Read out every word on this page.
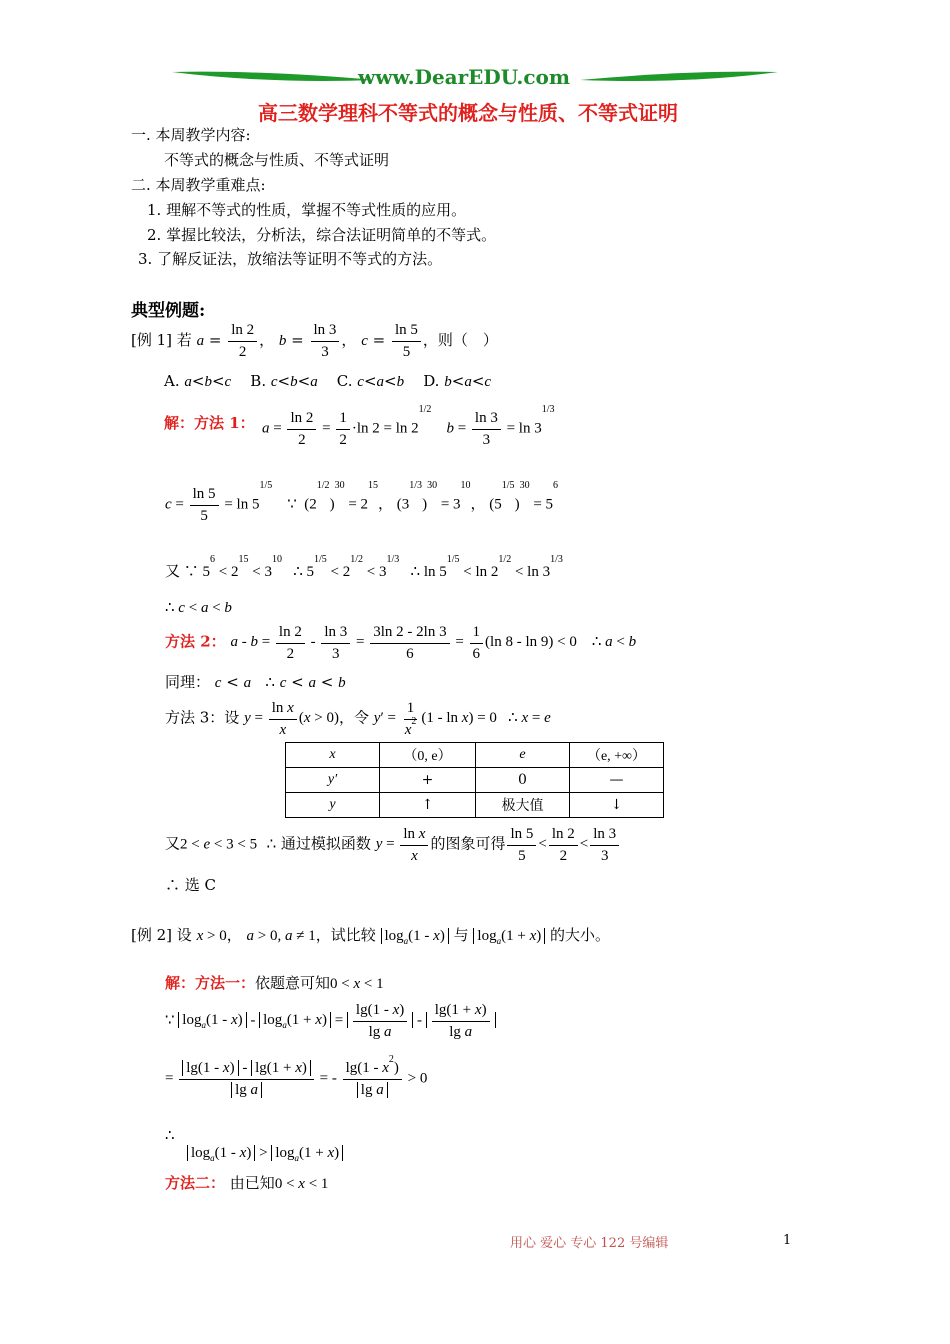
www.DearEDU.com
高三数学理科不等式的概念与性质、不等式证明
一. 本周教学内容:
不等式的概念与性质、不等式证明
二. 本周教学重难点:
1. 理解不等式的性质，掌握不等式性质的应用。
2. 掌握比较法，分析法，综合法证明简单的不等式。
3. 了解反证法，放缩法等证明不等式的方法。
典型例题:
[例 1] 若 $a = \frac{\ln 2}{2}$ ， $b = \frac{\ln 3}{3}$ ， $c = \frac{\ln 5}{5}$ ，则（　）
A. a<b<c B. c<b<a C. c<a<b D. b<a<c
解：方法 1： $a = \frac{\ln 2}{2} = \frac{1}{2} \cdot\ln$ $2 = \ln 2^{1/2}$    $b = \frac{\ln 3}{3} = \ln 3^{1/3}$
$c = \frac{\ln 5}{5} = \ln 5^{1/5}$    ∵  $(2^{1/2})^{30} = 2^{15}$， $(3^{1/3})^{30} = 3^{10}$， $(5^{1/5})^{30} = 5^6$
又 ∵ $5^6 < 2^{15} < 3^{10}$   ∴ $5^{1/5} < 2^{1/2} < 3^{1/3}$   ∴ $\ln 5^{1/5} < \ln 2^{1/2} < \ln 3^{1/3}$
∴ c < a < b
方法 2： $a - b = \frac{\ln 2}{2} - \frac{\ln 3}{3} = \frac{3\ln 2 - 2\ln 3}{6} = \frac{1}{6} (\ln$ 8 - ln 9) < 0    ∴ a < b
同理： c < a ∴ c < a < b
方法 3：设 $y = \frac{\text{ln x}}{x} (x > 0)$，令 $y' = \frac{1}{x^2} (1 - \ln x) = 0$   ∴ x = e
x	（0, e）	e	（e, +∞）
y′	+	0	—
y	↑	极大值	↓
又2 < e < 3 < 5 ∴ 通过模拟函数 $y = \frac{\text{ln x}}{x}$ 的图象可得 $\frac{\ln 5}{5} < \frac{\ln 2}{2} < \frac{\ln 3}{3}$
∴ 选 C
[例 2] 设 x > 0， a > 0, a ≠ 1，试比较 $\log_a(1 - x)$ 与 $\log_a(1 + x)$ 的大小。
解：方法一：依题意可知0 < x < 1
∵ $\log_a(1 - x) - \log_a(1 + x) = \frac{\lg(1 - x)}{\text{lg a}} - \frac{\lg(1 + x)}{\text{lg a}}$
= $\frac{\lg(1 - x) - \lg(1 + x)}{\text{lg a}}$ = - $\frac{\lg(1 - x^2)}{\text{lg a}} > 0$
∴
$\log_a(1 - x) > \log_a(1 + x)$
方法二： 由已知0 < x < 1
用心 爱心 专心 122 号编辑	1
